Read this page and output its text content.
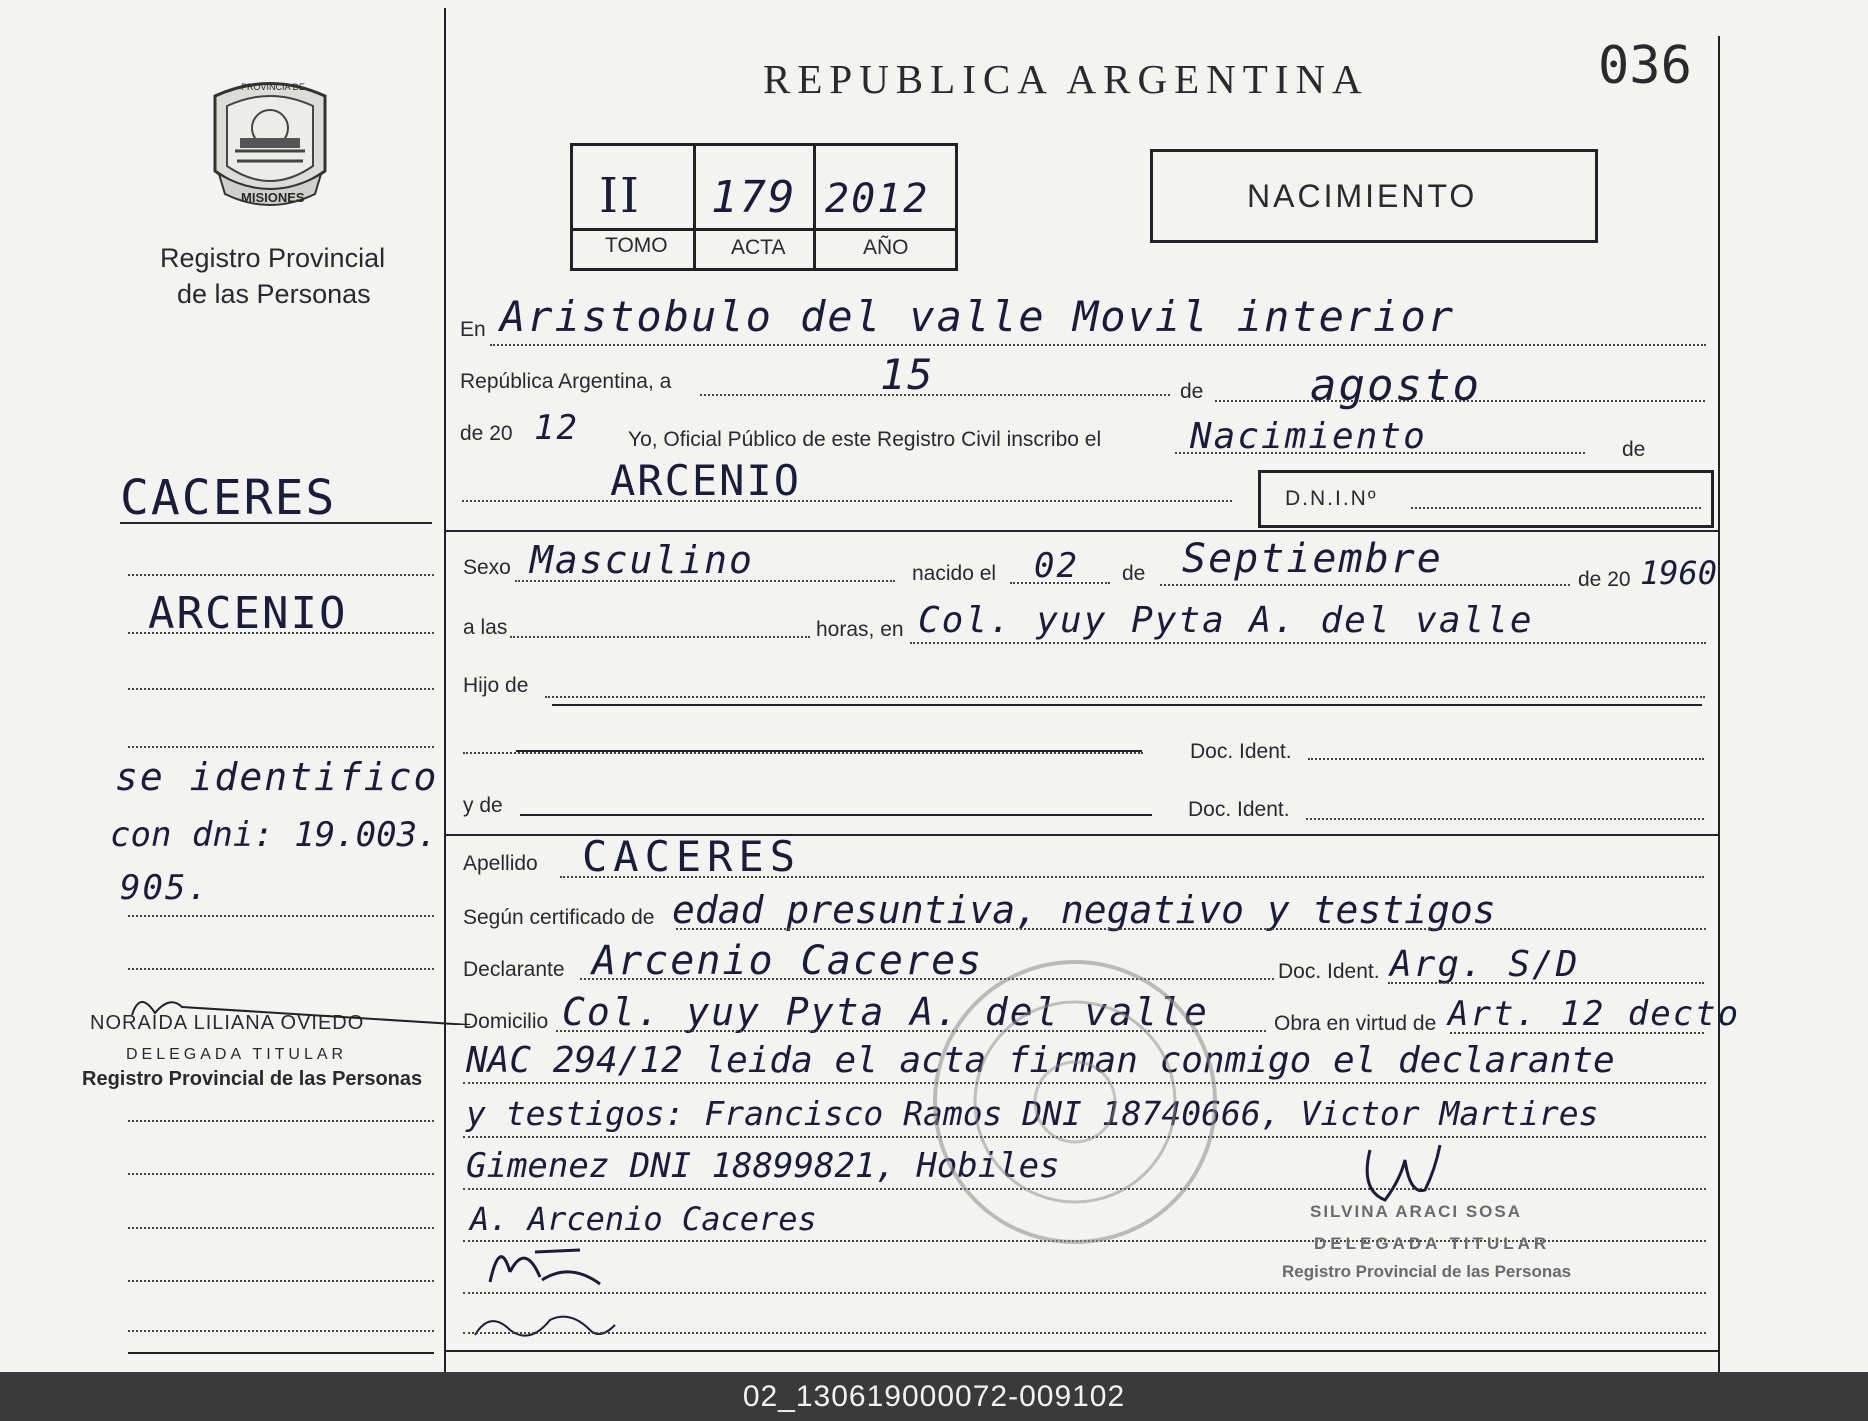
PROVINCIA DE
MISIONES
Registro Provincial
de las Personas
CACERES
ARCENIO
se identifico
con dni: 19.003.
905.
NORAIDA LILIANA OVIEDO
DELEGADA TITULAR
Registro Provincial de las Personas
REPUBLICA ARGENTINA	036
II 179 2012
TOMO	ACTA	AÑO
NACIMIENTO
En Aristobulo del valle Movil interior
República Argentina, a	15	de agosto
de 20 12 Yo, Oficial Público de este Registro Civil inscribo el Nacimiento	de
ARCENIO	D.N.I.Nº
Sexo Masculino	nacido el 02 de Septiembre	de 20 1960
a las	horas, en Col. yuy Pyta A. del valle
Hijo de
Doc. Ident.
y de	Doc. Ident.
Apellido CACERES
Según certificado de edad presuntiva, negativo y testigos
Declarante Arcenio Caceres	Doc. Ident. Arg. S/D
Domicilio Col. yuy Pyta A. del valle	Obra en virtud de Art. 12 decto
NAC 294/12 leida el acta firman conmigo el declarante
y testigos: Francisco Ramos DNI 18740666, Victor Martires
Gimenez DNI 18899821, Hobiles
A. Arcenio Caceres	SILVINA ARACI SOSA
DELEGADA TITULAR
Registro Provincial de las Personas
02_130619000072-009102
